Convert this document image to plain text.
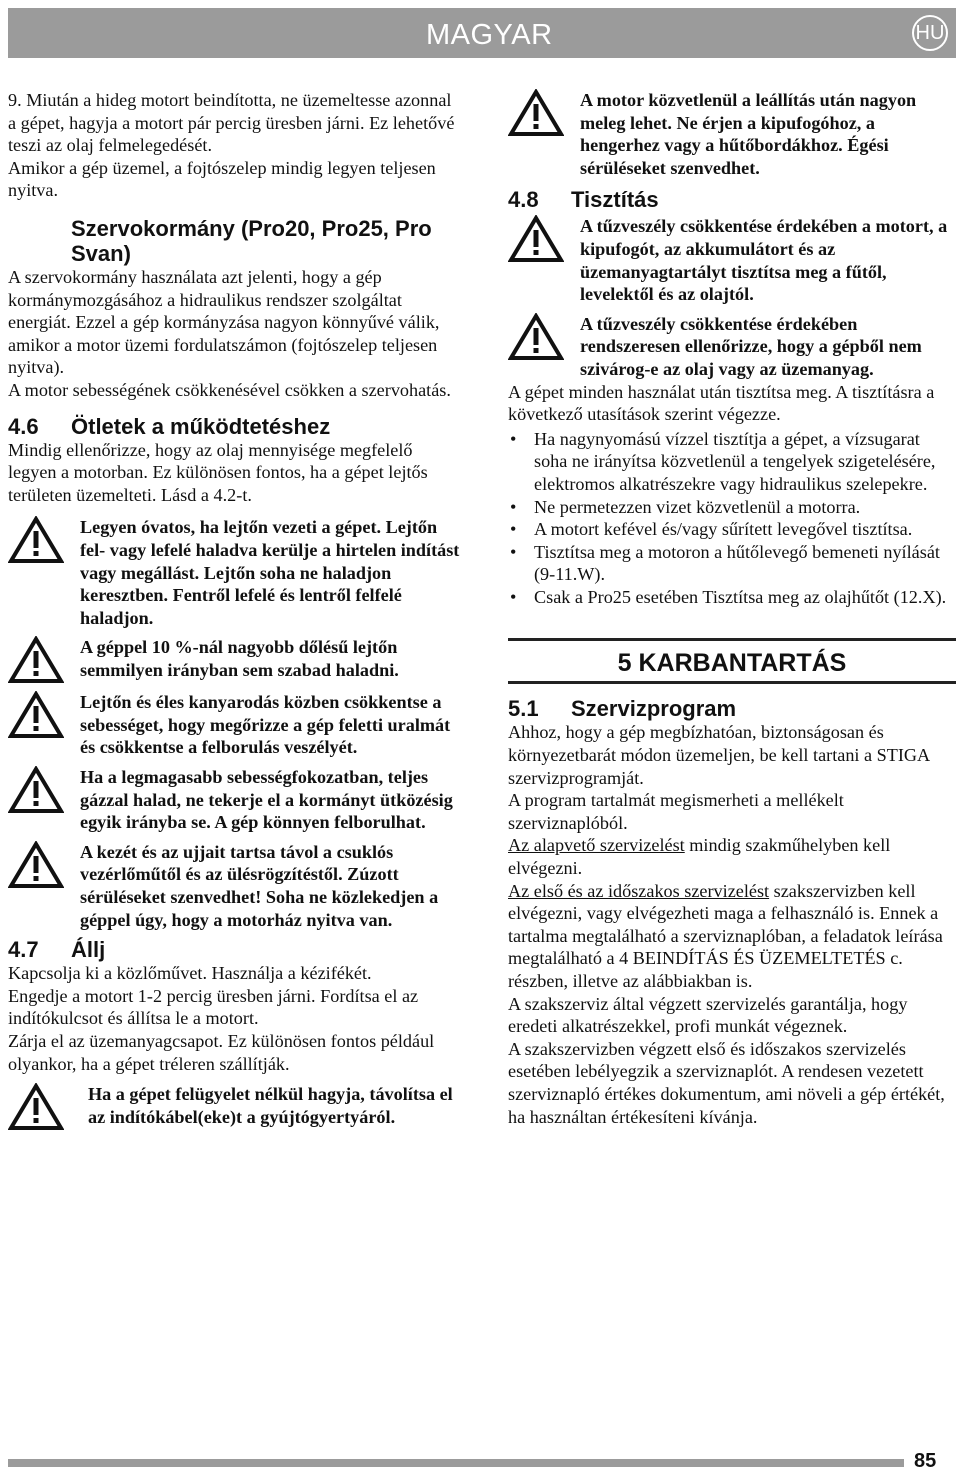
MAGYAR	HU

9. Miután a hideg motort beindította, ne üzemeltesse azonnal a gépet, hagyja a motort pár percig üresben járni. Ez lehetővé teszi az olaj felmelegedését.

Amikor a gép üzemel, a fojtószelep mindig legyen teljesen nyitva.

Szervokormány (Pro20, Pro25, Pro Svan)

A szervokormány használata azt jelenti, hogy a gép kormánymozgásához a hidraulikus rendszer szolgáltat energiát. Ezzel a gép kormányzása nagyon könnyűvé válik, amikor a motor üzemi fordulatszámon (fojtószelep teljesen nyitva).

A motor sebességének csökkenésével csökken a szervohatás.

4.6 Ötletek a működtetéshez

Mindig ellenőrizze, hogy az olaj mennyisége megfelelő legyen a motorban. Ez különösen fontos, ha a gépet lejtős területen üzemelteti. Lásd a 4.2-t.

Legyen óvatos, ha lejtőn vezeti a gépet. Lejtőn fel- vagy lefelé haladva kerülje a hirtelen indítást vagy megállást. Lejtőn soha ne haladjon keresztben. Fentről lefelé és lentről felfelé haladjon.
A géppel 10 %-nál nagyobb dőlésű lejtőn semmilyen irányban sem szabad haladni.
Lejtőn és éles kanyarodás közben csökkentse a sebességet, hogy megőrizze a gép feletti uralmát és csökkentse a felborulás veszélyét.
Ha a legmagasabb sebességfokozatban, teljes gázzal halad, ne tekerje el a kormányt ütközésig egyik irányba se. A gép könnyen felborulhat.
A kezét és az ujjait tartsa távol a csuklós vezérlőműtől és az ülésrögzítéstől. Zúzott sérüléseket szenvedhet! Soha ne közlekedjen a géppel úgy, hogy a motorház nyitva van.
4.7 Állj

Kapcsolja ki a közlőművet. Használja a kézifékét.

Engedje a motort 1-2 percig üresben járni. Fordítsa el az indítókulcsot és állítsa le a motort.

Zárja el az üzemanyagcsapot. Ez különösen fontos például olyankor, ha a gépet tréleren szállítják.

Ha a gépet felügyelet nélkül hagyja, távolítsa el az indítókábel(eke)t a gyújtógyertyáról.
A motor közvetlenül a leállítás után nagyon meleg lehet. Ne érjen a kipufogóhoz, a hengerhez vagy a hűtőbordákhoz. Égési sérüléseket szenvedhet.
4.8 Tisztítás
A tűzveszély csökkentése érdekében a motort, a kipufogót, az akkumulátort és az üzemanyagtartályt tisztítsa meg a fűtől, levelektől és az olajtól.
A tűzveszély csökkentése érdekében rendszeresen ellenőrizze, hogy a gépből nem szivárog-e az olaj vagy az üzemanyag.

A gépet minden használat után tisztítsa meg. A tisztításra a következő utasítások szerint végezze.

• Ha nagynyomású vízzel tisztítja a gépet, a vízsugarat soha ne irányítsa közvetlenül a tengelyek szigetelésére, elektromos alkatrészekre vagy hidraulikus szelepekre.
• Ne permetezzen vizet közvetlenül a motorra.
• A motort kefével és/vagy sűrített levegővel tisztítsa.
• Tisztítsa meg a motoron a hűtőlevegő bemeneti nyílását (9-11.W).
• Csak a Pro25 esetében Tisztítsa meg az olajhűtőt (12.X).
5 KARBANTARTÁS
5.1 Szervizprogram

Ahhoz, hogy a gép megbízhatóan, biztonságosan és környezetbarát módon üzemeljen, be kell tartani a STIGA szervizprogramját.

A program tartalmát megismerheti a mellékelt szerviznaplóból.

Az alapvető szervizelést mindig szakműhelyben kell elvégezni.

Az első és az időszakos szervizelést szakszervizben kell elvégezni, vagy elvégezheti maga a felhasználó is. Ennek a tartalma megtalálható a szerviznaplóban, a feladatok leírása megtalálható a 4 BEINDÍTÁS ÉS ÜZEMELTETÉS c. részben, illetve az alábbiakban is.

A szakszerviz által végzett szervizelés garantálja, hogy eredeti alkatrészekkel, profi munkát végeznek.

A szakszervizben végzett első és időszakos szervizelés esetében lebélyegzik a szerviznaplót. A rendesen vezetett szerviznapló értékes dokumentum, ami növeli a gép értékét, ha használtan értékesíteni kívánja.

85
